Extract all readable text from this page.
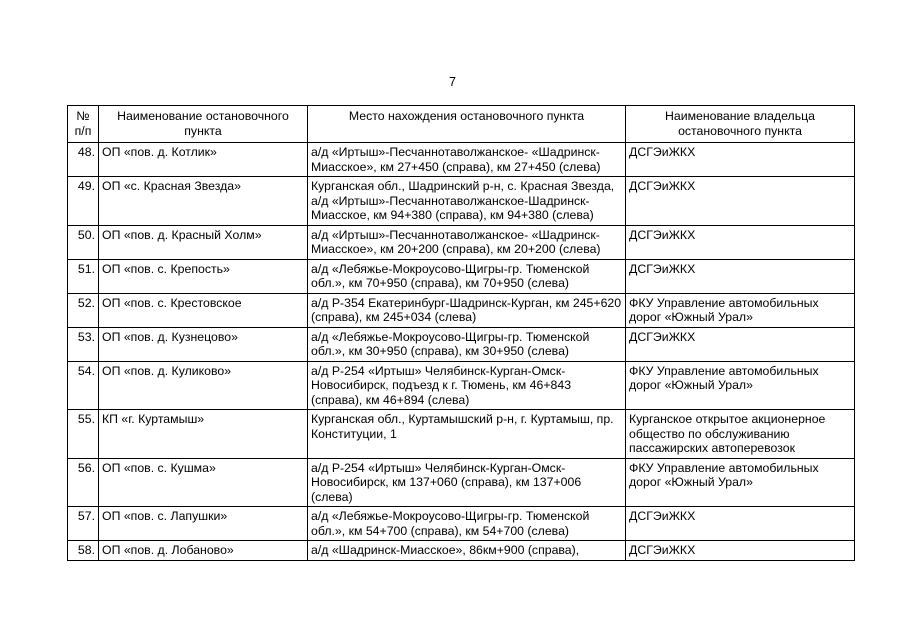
7
№ п/п	Наименование остановочного пункта	Место нахождения остановочного пункта	Наименование владельца остановочного пункта
48.	ОП «пов. д. Котлик»	а/д «Иртыш»-Песчаннотаволжанское- «Шадринск-Миасское», км 27+450 (справа), км 27+450 (слева)	ДСГЭиЖКХ
49.	ОП «с. Красная Звезда»	Курганская обл., Шадринский р-н, с. Красная Звезда, а/д «Иртыш»-Песчаннотаволжанское-Шадринск-Миасское, км 94+380 (справа), км 94+380 (слева)	ДСГЭиЖКХ
50.	ОП «пов. д. Красный Холм»	а/д «Иртыш»-Песчаннотаволжанское- «Шадринск-Миасское», км 20+200 (справа), км 20+200 (слева)	ДСГЭиЖКХ
51.	ОП «пов. с. Крепость»	а/д «Лебяжье-Мокроусово-Щигры-гр. Тюменской обл.», км 70+950 (справа), км 70+950 (слева)	ДСГЭиЖКХ
52.	ОП «пов. с. Крестовское	а/д Р-354 Екатеринбург-Шадринск-Курган, км 245+620 (справа), км 245+034 (слева)	ФКУ Управление автомобильных дорог «Южный Урал»
53.	ОП «пов. д. Кузнецово»	а/д «Лебяжье-Мокроусово-Щигры-гр. Тюменской обл.», км 30+950 (справа), км 30+950 (слева)	ДСГЭиЖКХ
54.	ОП «пов. д. Куликово»	а/д Р-254 «Иртыш» Челябинск-Курган-Омск-Новосибирск, подъезд к г. Тюмень, км 46+843 (справа), км 46+894 (слева)	ФКУ Управление автомобильных дорог «Южный Урал»
55.	КП «г. Куртамыш»	Курганская обл., Куртамышский р-н, г. Куртамыш, пр. Конституции, 1	Курганское открытое акционерное общество по обслуживанию пассажирских автоперевозок
56.	ОП «пов. с. Кушма»	а/д Р-254 «Иртыш» Челябинск-Курган-Омск-Новосибирск, км 137+060 (справа), км 137+006 (слева)	ФКУ Управление автомобильных дорог «Южный Урал»
57.	ОП «пов. с. Лапушки»	а/д «Лебяжье-Мокроусово-Щигры-гр. Тюменской обл.», км 54+700 (справа), км 54+700 (слева)	ДСГЭиЖКХ
58.	ОП «пов. д. Лобаново»	а/д «Шадринск-Миасское», 86км+900 (справа),	ДСГЭиЖКХ
